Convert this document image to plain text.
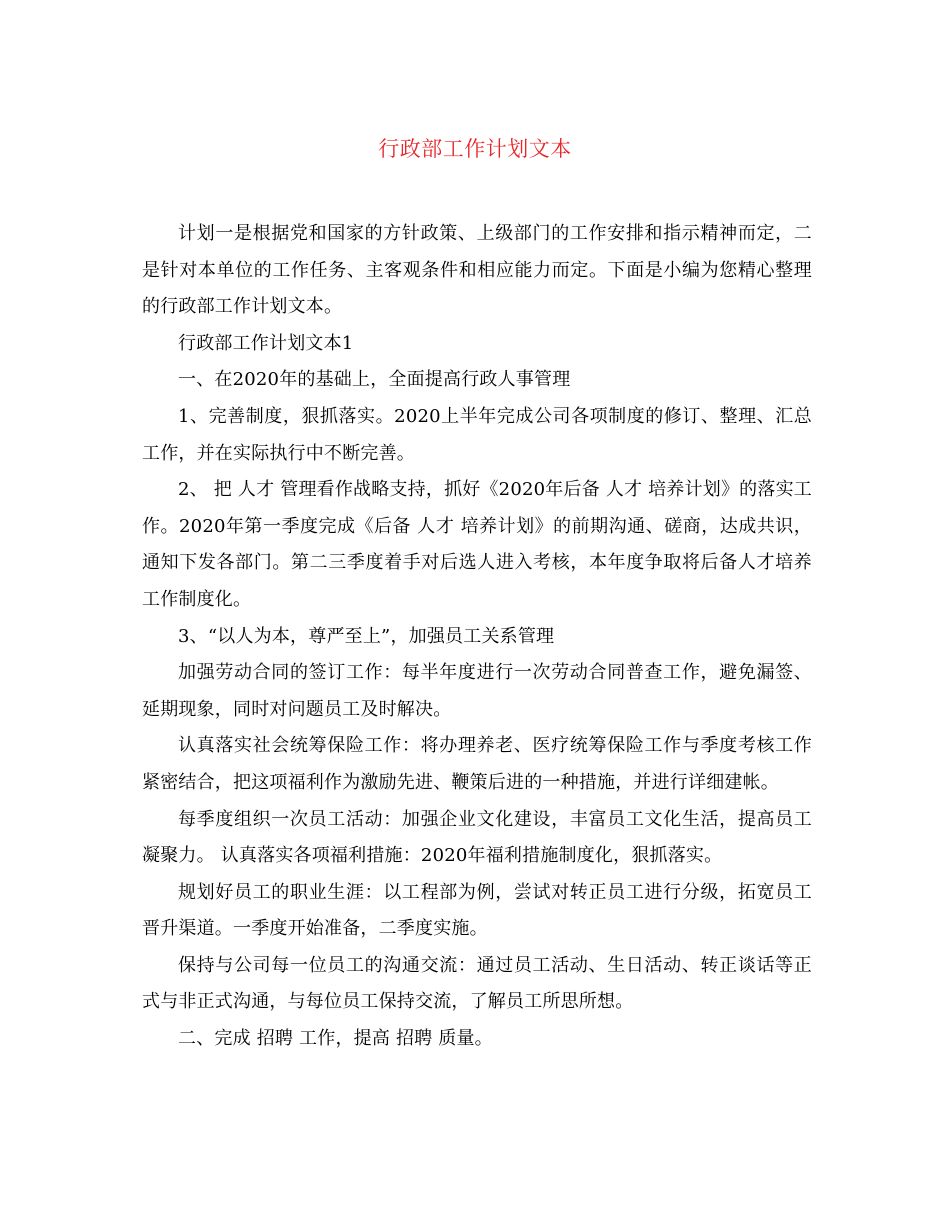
行政部工作计划文本

计划一是根据党和国家的方针政策、上级部门的工作安排和指示精神而定，二是针对本单位的工作任务、主客观条件和相应能力而定。下面是小编为您精心整理的行政部工作计划文本。

行政部工作计划文本1

一、在2020年的基础上，全面提高行政人事管理

1、完善制度，狠抓落实。2020上半年完成公司各项制度的修订、整理、汇总工作，并在实际执行中不断完善。

2、 把 人才 管理看作战略支持，抓好《2020年后备 人才 培养计划》的落实工作。2020年第一季度完成《后备 人才 培养计划》的前期沟通、磋商，达成共识，通知下发各部门。第二三季度着手对后选人进入考核，本年度争取将后备人才培养工作制度化。

3、“以人为本，尊严至上”，加强员工关系管理

加强劳动合同的签订工作：每半年度进行一次劳动合同普查工作，避免漏签、延期现象，同时对问题员工及时解决。

认真落实社会统筹保险工作：将办理养老、医疗统筹保险工作与季度考核工作紧密结合，把这项福利作为激励先进、鞭策后进的一种措施，并进行详细建帐。

每季度组织一次员工活动：加强企业文化建设，丰富员工文化生活，提高员工凝聚力。 认真落实各项福利措施：2020年福利措施制度化，狠抓落实。

规划好员工的职业生涯：以工程部为例，尝试对转正员工进行分级，拓宽员工晋升渠道。一季度开始准备，二季度实施。

保持与公司每一位员工的沟通交流：通过员工活动、生日活动、转正谈话等正式与非正式沟通，与每位员工保持交流，了解员工所思所想。

二、完成 招聘 工作，提高 招聘 质量。
